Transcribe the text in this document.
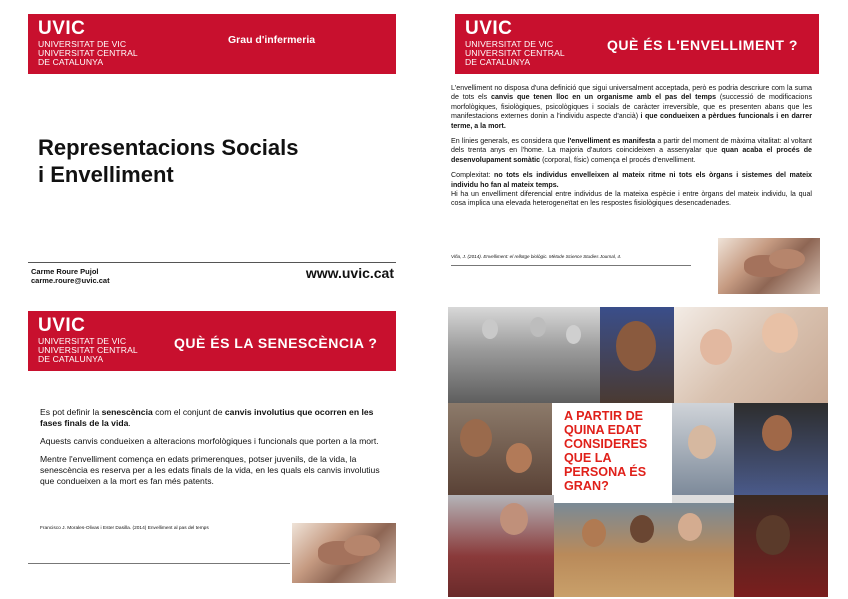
UVIC
UNIVERSITAT DE VIC
UNIVERSITAT CENTRAL
DE CATALUNYA
Grau d'infermeria
Representacions Socials
i Envelliment
Carme Roure Pujol
carme.roure@uvic.cat	www.uvic.cat
UVIC
UNIVERSITAT DE VIC
UNIVERSITAT CENTRAL
DE CATALUNYA
QUÈ ÉS L'ENVELLIMENT ?

L'envelliment no disposa d'una definició que sigui universalment acceptada, però es podria descriure com la suma de tots els canvis que tenen lloc en un organisme amb el pas del temps (successió de modificacions morfològiques, fisiològiques, psicològiques i socials de caràcter irreversible, que es presenten abans que les manifestacions externes donin a l'individu aspecte d'ancià) i que condueixen a pèrdues funcionals i en darrer terme, a la mort.

En línies generals, es considera que l'envelliment es manifesta a partir del moment de màxima vitalitat: al voltant dels trenta anys en l'home. La majoria d'autors coincideixen a assenyalar que quan acaba el procés de desenvolupament somàtic (corporal, físic) comença el procés d'envelliment.

Complexitat: no tots els individus envelleixen al mateix ritme ni tots els òrgans i sistemes del mateix individu ho fan al mateix temps.

Hi ha un envelliment diferencial entre individus de la mateixa espècie i entre òrgans del mateix individu, la qual cosa implica una elevada heterogeneïtat en les respostes fisiològiques desencadenades.

Viña, J. (2014). Envelliment: el rellotge biològic. Mètode Science Studies Journal, 4.
UVIC
UNIVERSITAT DE VIC
UNIVERSITAT CENTRAL
DE CATALUNYA
QUÈ ÉS LA SENESCÈNCIA ?

Es pot definir la senescència com el conjunt de canvis involutius que ocorren en les fases finals de la vida.

Aquests canvis condueixen a alteracions morfològiques i funcionals que porten a la mort.

Mentre l'envelliment comença en edats primerenques, potser juvenils, de la vida, la senescència es reserva per a les edats finals de la vida, en les quals els canvis involutius que condueixen a la mort es fan més patents.

Francisco J. Morales-Olivas i Ester Dasilla. (2014) Envelliment al pas del temps
A PARTIR DE QUINA EDAT CONSIDERES QUE LA PERSONA ÉS GRAN?
